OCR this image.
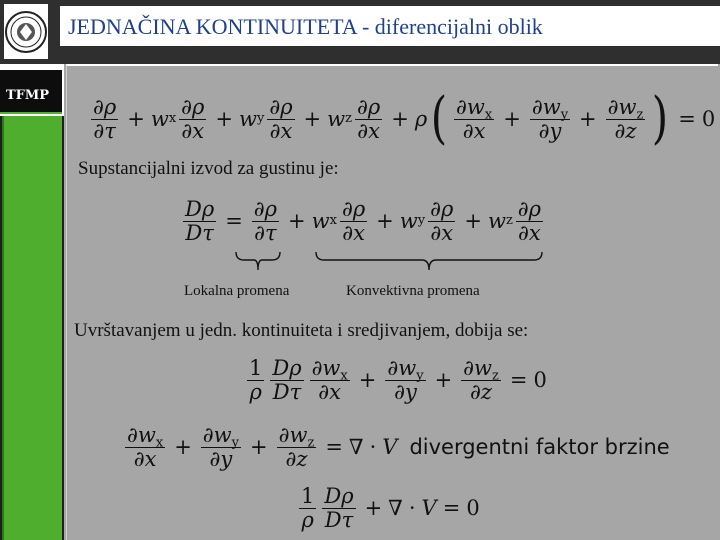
JEDNAČINA KONTINUITETA - diferencijalni oblik
TFMP ∂ρ
∂τ + w x ∂ρ
∂x + w y ∂ρ
∂x + w z ∂ρ
∂x + ρ ( $\partial w_x$
$\partial x + \frac{\partial w_y}{\partial y} + \frac{\partial w_z}{\partial z}$ ) = 0
Supstancijalni izvod za gustinu je:
$\frac{D\rho}{D\tau} = \frac{\partial\rho}{\partial\tau} + w$ x ∂ρ
∂x + w y ∂ρ
∂x + w z ∂ρ
∂x
Lokalna promena	Konvektivna promena
Uvrštavanjem u jedn. kontinuiteta i sredjivanjem, dobija se:
1
ρ
Dρ
Dτ
$\partial w_x$
$\partial x + \frac{\partial w_y}{\partial y} + \frac{\partial w_z}{\partial z} = 0$
$\partial w_x$
$\partial x + \frac{\partial w_y}{\partial y} + \frac{\partial w_z}{\partial z}$ = ∇ · V divergentni faktor brzine
1
ρ
Dρ
Dτ + ∇ · V = 0
